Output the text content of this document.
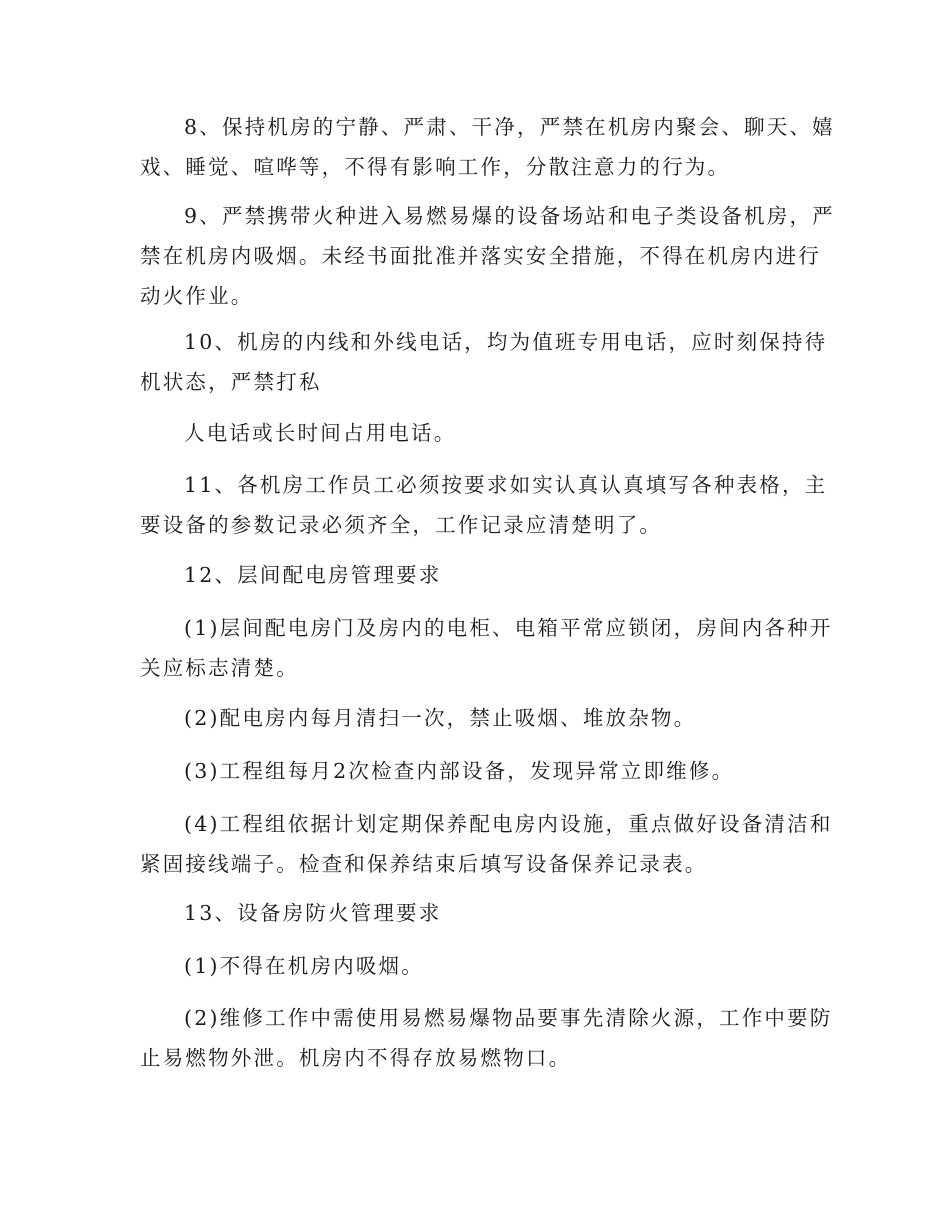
8、保持机房的宁静、严肃、干净，严禁在机房内聚会、聊天、嬉
戏、睡觉、喧哗等，不得有影响工作，分散注意力的行为。

9、严禁携带火种进入易燃易爆的设备场站和电子类设备机房，严
禁在机房内吸烟。未经书面批准并落实安全措施，不得在机房内进行
动火作业。

10、机房的内线和外线电话，均为值班专用电话，应时刻保持待
机状态，严禁打私

人电话或长时间占用电话。

11、各机房工作员工必须按要求如实认真认真填写各种表格，主
要设备的参数记录必须齐全，工作记录应清楚明了。

12、层间配电房管理要求

(1)层间配电房门及房内的电柜、电箱平常应锁闭，房间内各种开
关应标志清楚。

(2)配电房内每月清扫一次，禁止吸烟、堆放杂物。

(3)工程组每月2次检查内部设备，发现异常立即维修。

(4)工程组依据计划定期保养配电房内设施，重点做好设备清洁和
紧固接线端子。检查和保养结束后填写设备保养记录表。

13、设备房防火管理要求

(1)不得在机房内吸烟。

(2)维修工作中需使用易燃易爆物品要事先清除火源，工作中要防
止易燃物外泄。机房内不得存放易燃物口。
